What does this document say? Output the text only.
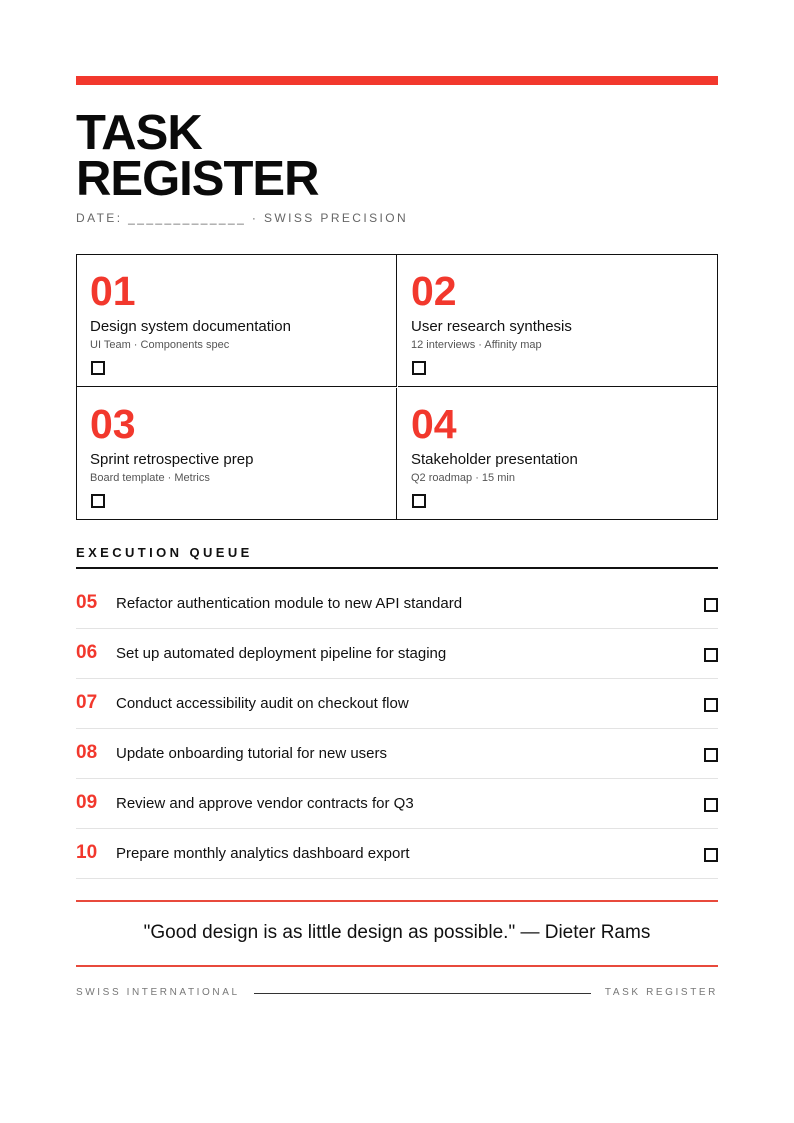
TASK
REGISTER
DATE: _____________ · SWISS PRECISION
01
Design system documentation
UI Team · Components spec
02
User research synthesis
12 interviews · Affinity map
03
Sprint retrospective prep
Board template · Metrics
04
Stakeholder presentation
Q2 roadmap · 15 min
EXECUTION QUEUE
05 Refactor authentication module to new API standard
06 Set up automated deployment pipeline for staging
07 Conduct accessibility audit on checkout flow
08 Update onboarding tutorial for new users
09 Review and approve vendor contracts for Q3
10 Prepare monthly analytics dashboard export
"Good design is as little design as possible." — Dieter Rams
SWISS INTERNATIONAL	TASK REGISTER
